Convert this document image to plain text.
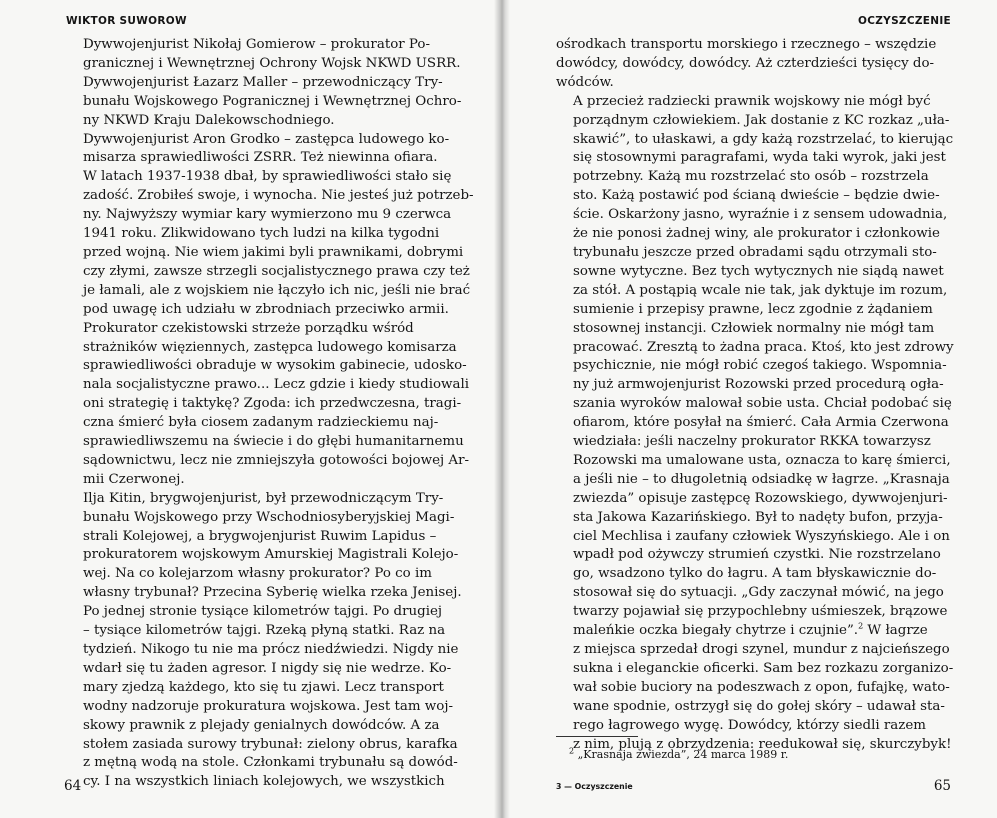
WIKTOR SUWOROW

Dywwojenjurist Nikołaj Gomierow – prokurator Po-
granicznej i Wewnętrznej Ochrony Wojsk NKWD USRR.

Dywwojenjurist Łazarz Maller – przewodniczący Try-
bunału Wojskowego Pogranicznej i Wewnętrznej Ochro-
ny NKWD Kraju Dalekowschodniego.

Dywwojenjurist Aron Grodko – zastępca ludowego ko-
misarza sprawiedliwości ZSRR. Też niewinna ofiara.
W latach 1937-1938 dbał, by sprawiedliwości stało się
zadość. Zrobiłeś swoje, i wynocha. Nie jesteś już potrzeb-
ny. Najwyższy wymiar kary wymierzono mu 9 czerwca
1941 roku. Zlikwidowano tych ludzi na kilka tygodni
przed wojną. Nie wiem jakimi byli prawnikami, dobrymi
czy złymi, zawsze strzegli socjalistycznego prawa czy też
je łamali, ale z wojskiem nie łączyło ich nic, jeśli nie brać
pod uwagę ich udziału w zbrodniach przeciwko armii.

Prokurator czekistowski strzeże porządku wśród
strażników więziennych, zastępca ludowego komisarza
sprawiedliwości obraduje w wysokim gabinecie, udosko-
nala socjalistyczne prawo... Lecz gdzie i kiedy studiowali
oni strategię i taktykę? Zgoda: ich przedwczesna, tragi-
czna śmierć była ciosem zadanym radzieckiemu naj-
sprawiedliwszemu na świecie i do głębi humanitarnemu
sądownictwu, lecz nie zmniejszyła gotowości bojowej Ar-
mii Czerwonej.

Ilja Kitin, brygwojenjurist, był przewodniczącym Try-
bunału Wojskowego przy Wschodniosyberyjskiej Magi-
strali Kolejowej, a brygwojenjurist Ruwim Lapidus –
prokuratorem wojskowym Amurskiej Magistrali Kolejo-
wej. Na co kolejarzom własny prokurator? Po co im
własny trybunał? Przecina Syberię wielka rzeka Jenisej.
Po jednej stronie tysiące kilometrów tajgi. Po drugiej
– tysiące kilometrów tajgi. Rzeką płyną statki. Raz na
tydzień. Nikogo tu nie ma prócz niedźwiedzi. Nigdy nie
wdarł się tu żaden agresor. I nigdy się nie wedrze. Ko-
mary zjedzą każdego, kto się tu zjawi. Lecz transport
wodny nadzoruje prokuratura wojskowa. Jest tam woj-
skowy prawnik z plejady genialnych dowódców. A za
stołem zasiada surowy trybunał: zielony obrus, karafka
z mętną wodą na stole. Członkami trybunału są dowód-
cy. I na wszystkich liniach kolejowych, we wszystkich

64
OCZYSZCZENIE

ośrodkach transportu morskiego i rzecznego – wszędzie
dowódcy, dowódcy, dowódcy. Aż czterdzieści tysięcy do-
wódców.

A przecież radziecki prawnik wojskowy nie mógł być
porządnym człowiekiem. Jak dostanie z KC rozkaz „uła-
skawić”, to ułaskawi, a gdy każą rozstrzelać, to kierując
się stosownymi paragrafami, wyda taki wyrok, jaki jest
potrzebny. Każą mu rozstrzelać sto osób – rozstrzela
sto. Każą postawić pod ścianą dwieście – będzie dwie-
ście. Oskarżony jasno, wyraźnie i z sensem udowadnia,
że nie ponosi żadnej winy, ale prokurator i członkowie
trybunału jeszcze przed obradami sądu otrzymali sto-
sowne wytyczne. Bez tych wytycznych nie siądą nawet
za stół. A postąpią wcale nie tak, jak dyktuje im rozum,
sumienie i przepisy prawne, lecz zgodnie z żądaniem
stosownej instancji. Człowiek normalny nie mógł tam
pracować. Zresztą to żadna praca. Ktoś, kto jest zdrowy
psychicznie, nie mógł robić czegoś takiego. Wspomnia-
ny już armwojenjurist Rozowski przed procedurą ogła-
szania wyroków malował sobie usta. Chciał podobać się
ofiarom, które posyłał na śmierć. Cała Armia Czerwona
wiedziała: jeśli naczelny prokurator RKKA towarzysz
Rozowski ma umalowane usta, oznacza to karę śmierci,
a jeśli nie – to długoletnią odsiadkę w łagrze. „Krasnaja
zwiezda” opisuje zastępcę Rozowskiego, dywwojenjuri-
sta Jakowa Kazarińskiego. Był to nadęty bufon, przyja-
ciel Mechlisa i zaufany człowiek Wyszyńskiego. Ale i on
wpadł pod ożywczy strumień czystki. Nie rozstrzelano
go, wsadzono tylko do łagru. A tam błyskawicznie do-
stosował się do sytuacji. „Gdy zaczynał mówić, na jego
twarzy pojawiał się przypochlebny uśmieszek, brązowe
maleńkie oczka biegały chytrze i czujnie”.$^2$ W łagrze
z miejsca sprzedał drogi szynel, mundur z najcieńszego
sukna i eleganckie oficerki. Sam bez rozkazu zorganizo-
wał sobie buciory na podeszwach z opon, fufajkę, wato-
wane spodnie, ostrzygł się do gołej skóry – udawał sta-
rego łagrowego wygę. Dowódcy, którzy siedli razem
z nim, plują z obrzydzenia: reedukował się, skurczybyk!

$^2$ „Krasnaja zwiezda”, 24 marca 1989 r.
3 — Oczyszczenie	65
